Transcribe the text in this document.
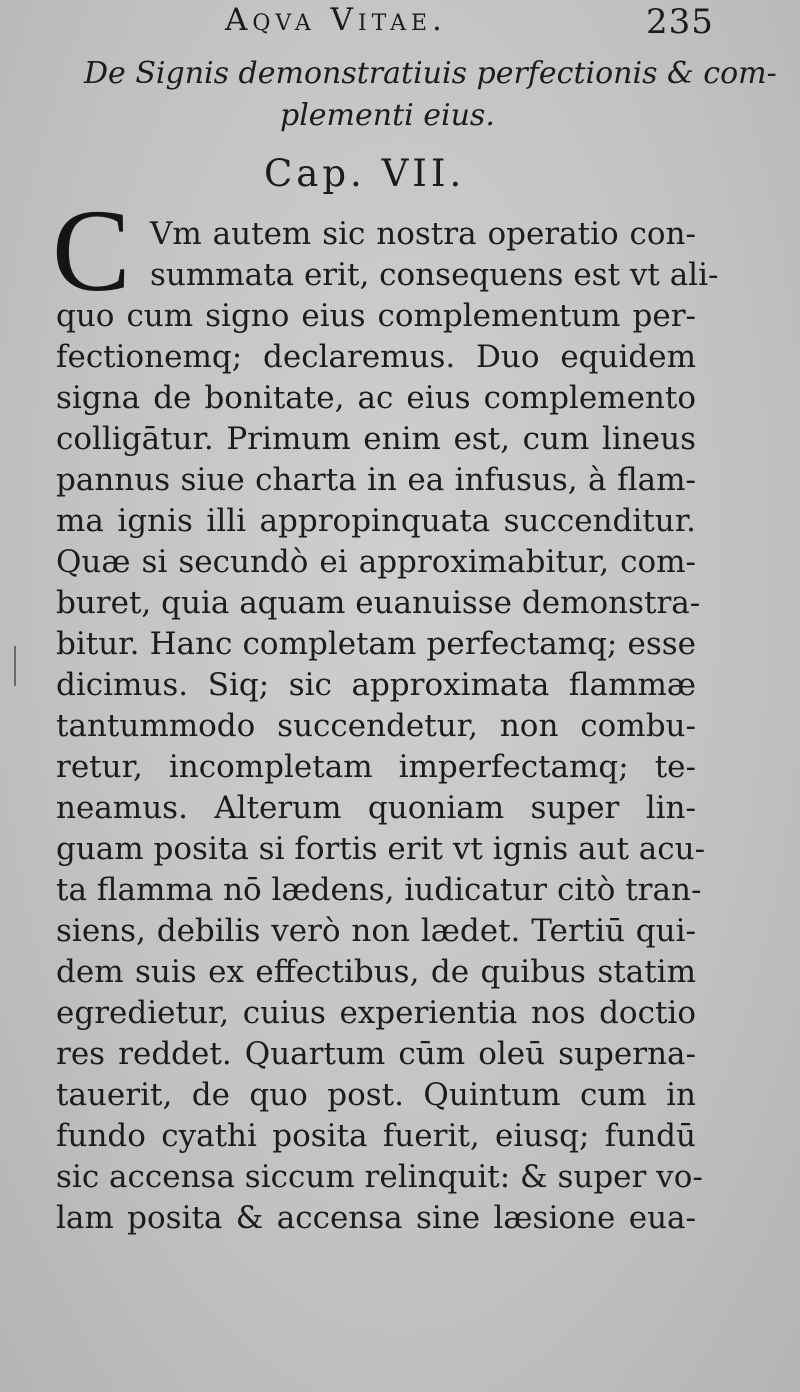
Aqva Vitae.	235
De Signis demonstratiuis perfectionis & com-
plementi eius.
Cap. VII.
C Vm autem sic nostra operatio con-
summata erit, consequens est vt ali-
quo cum signo eius complementum per-
fectionemq; declaremus. Duo equidem
signa de bonitate, ac eius complemento
colligātur. Primum enim est, cum lineus
pannus siue charta in ea infusus, à flam-
ma ignis illi appropinquata succenditur.
Quæ si secundò ei approximabitur, com-
buret, quia aquam euanuisse demonstra-
bitur. Hanc completam perfectamq; esse
dicimus. Siq; sic approximata flammæ
tantummodo succendetur, non combu-
retur, incompletam imperfectamq; te-
neamus. Alterum quoniam super lin-
guam posita si fortis erit vt ignis aut acu-
ta flamma nō lædens, iudicatur citò tran-
siens, debilis verò non lædet. Tertiū qui-
dem suis ex effectibus, de quibus statim
egredietur, cuius experientia nos doctio
res reddet. Quartum cūm oleū superna-
tauerit, de quo post. Quintum cum in
fundo cyathi posita fuerit, eiusq; fundū
sic accensa siccum relinquit: & super vo-
lam posita & accensa sine læsione eua-
